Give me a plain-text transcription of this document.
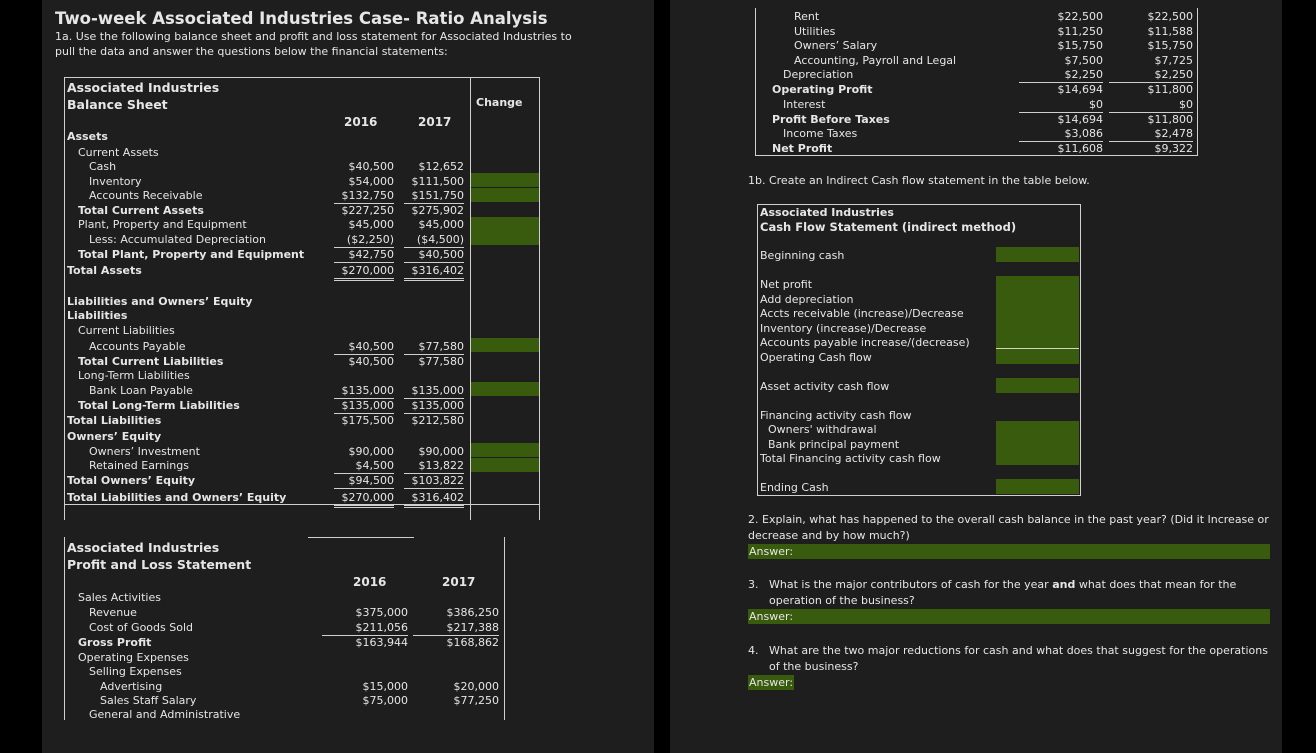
Two-week Associated Industries Case- Ratio Analysis
1a. Use the following balance sheet and profit and loss statement for Associated Industries to
pull the data and answer the questions below the financial statements:
Associated Industries
Balance Sheet	Change
2016	2017
Assets
Current Assets
Cash	$40,500	$12,652
Inventory	$54,000	$111,500
Accounts Receivable	$132,750	$151,750
Total Current Assets	$227,250	$275,902
Plant, Property and Equipment	$45,000	$45,000
Less: Accumulated Depreciation	($2,250)	($4,500)
Total Plant, Property and Equipment	$42,750	$40,500
Total Assets	$270,000	$316,402
Liabilities and Owners’ Equity
Liabilities
Current Liabilities
Accounts Payable	$40,500	$77,580
Total Current Liabilities	$40,500	$77,580
Long-Term Liabilities
Bank Loan Payable	$135,000	$135,000
Total Long-Term Liabilities	$135,000	$135,000
Total Liabilities	$175,500	$212,580
Owners’ Equity
Owners’ Investment	$90,000	$90,000
Retained Earnings	$4,500	$13,822
Total Owners’ Equity	$94,500	$103,822
Total Liabilities and Owners’ Equity	$270,000	$316,402
Associated Industries
Profit and Loss Statement
2016	2017
Sales Activities
Revenue	$375,000	$386,250
Cost of Goods Sold	$211,056	$217,388
Gross Profit	$163,944	$168,862
Operating Expenses
Selling Expenses
Advertising	$15,000	$20,000
Sales Staff Salary	$75,000	$77,250
General and Administrative
Rent	$22,500	$22,500
Utilities	$11,250	$11,588
Owners’ Salary	$15,750	$15,750
Accounting, Payroll and Legal	$7,500	$7,725
Depreciation	$2,250	$2,250
Operating Profit	$14,694	$11,800
Interest	$0	$0
Profit Before Taxes	$14,694	$11,800
Income Taxes	$3,086	$2,478
Net Profit	$11,608	$9,322
1b. Create an Indirect Cash flow statement in the table below.
Associated Industries
Cash Flow Statement (indirect method)
Beginning cash
Net profit
Add depreciation
Accts receivable (increase)/Decrease
Inventory (increase)/Decrease
Accounts payable increase/(decrease)
Operating Cash flow
Asset activity cash flow
Financing activity cash flow
Owners' withdrawal
Bank principal payment
Total Financing activity cash flow
Ending Cash
2. Explain, what has happened to the overall cash balance in the past year? (Did it Increase or
decrease and by how much?)
Answer:
3. What is the major contributors of cash for the year and what does that mean for the
operation of the business?
Answer:
4. What are the two major reductions for cash and what does that suggest for the operations
of the business?
Answer:
